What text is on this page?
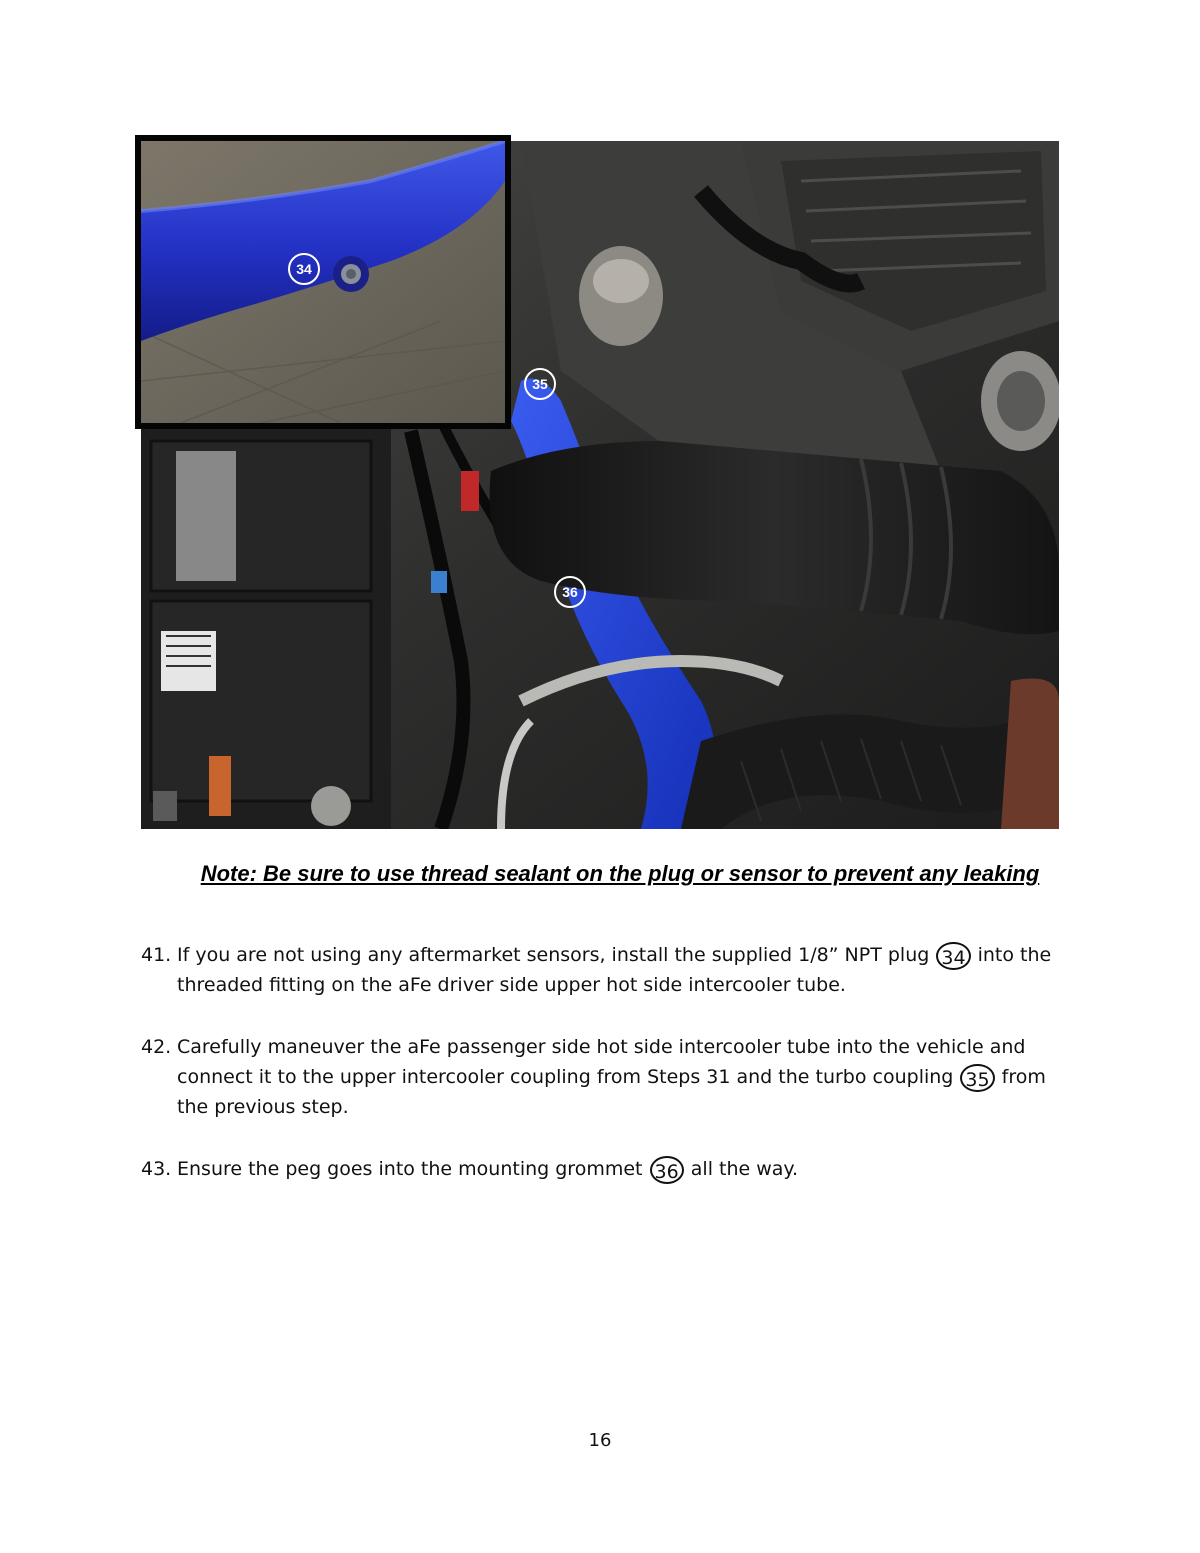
35
36
34
Note: Be sure to use thread sealant on the plug or sensor to prevent any leaking
41. If you are not using any aftermarket sensors, install the supplied 1/8” NPT plug 34 into the threaded fitting on the aFe driver side upper hot side intercooler tube.
42. Carefully maneuver the aFe passenger side hot side intercooler tube into the vehicle and connect it to the upper intercooler coupling from Steps 31 and the turbo coupling 35 from the previous step.
43. Ensure the peg goes into the mounting grommet 36 all the way.
16
